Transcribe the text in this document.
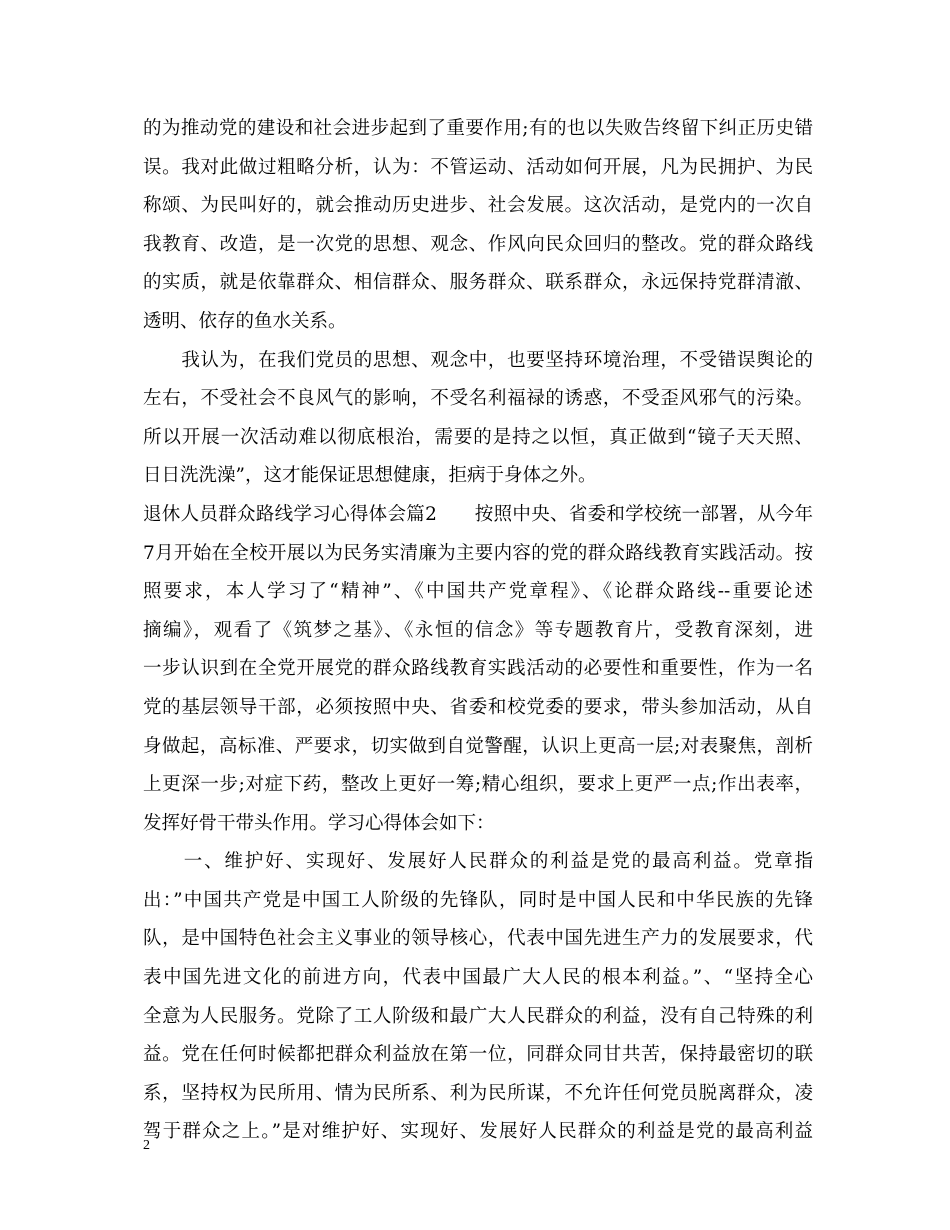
的为推动党的建设和社会进步起到了重要作用;有的也以失败告终留下纠正历史错
误。我对此做过粗略分析，认为：不管运动、活动如何开展，凡为民拥护、为民
称颂、为民叫好的，就会推动历史进步、社会发展。这次活动，是党内的一次自
我教育、改造，是一次党的思想、观念、作风向民众回归的整改。党的群众路线
的实质，就是依靠群众、相信群众、服务群众、联系群众，永远保持党群清澈、
透明、依存的鱼水关系。
　　我认为，在我们党员的思想、观念中，也要坚持环境治理，不受错误舆论的
左右，不受社会不良风气的影响，不受名利福禄的诱惑，不受歪风邪气的污染。
所以开展一次活动难以彻底根治，需要的是持之以恒，真正做到“镜子天天照、
日日洗洗澡”，这才能保证思想健康，拒病于身体之外。
退休人员群众路线学习心得体会篇2　　按照中央、省委和学校统一部署，从今年
7月开始在全校开展以为民务实清廉为主要内容的党的群众路线教育实践活动。按
照要求，本人学习了“精神”、《中国共产党章程》、《论群众路线--重要论述
摘编》，观看了《筑梦之基》、《永恒的信念》等专题教育片，受教育深刻，进
一步认识到在全党开展党的群众路线教育实践活动的必要性和重要性，作为一名
党的基层领导干部，必须按照中央、省委和校党委的要求，带头参加活动，从自
身做起，高标准、严要求，切实做到自觉警醒，认识上更高一层;对表聚焦，剖析
上更深一步;对症下药，整改上更好一筹;精心组织，要求上更严一点;作出表率，
发挥好骨干带头作用。学习心得体会如下：
　　一、维护好、实现好、发展好人民群众的利益是党的最高利益。党章指
出：”中国共产党是中国工人阶级的先锋队，同时是中国人民和中华民族的先锋
队，是中国特色社会主义事业的领导核心，代表中国先进生产力的发展要求，代
表中国先进文化的前进方向，代表中国最广大人民的根本利益。”、“坚持全心
全意为人民服务。党除了工人阶级和最广大人民群众的利益，没有自己特殊的利
益。党在任何时候都把群众利益放在第一位，同群众同甘共苦，保持最密切的联
系，坚持权为民所用、情为民所系、利为民所谋，不允许任何党员脱离群众，凌
驾于群众之上。”是对维护好、实现好、发展好人民群众的利益是党的最高利益
2
